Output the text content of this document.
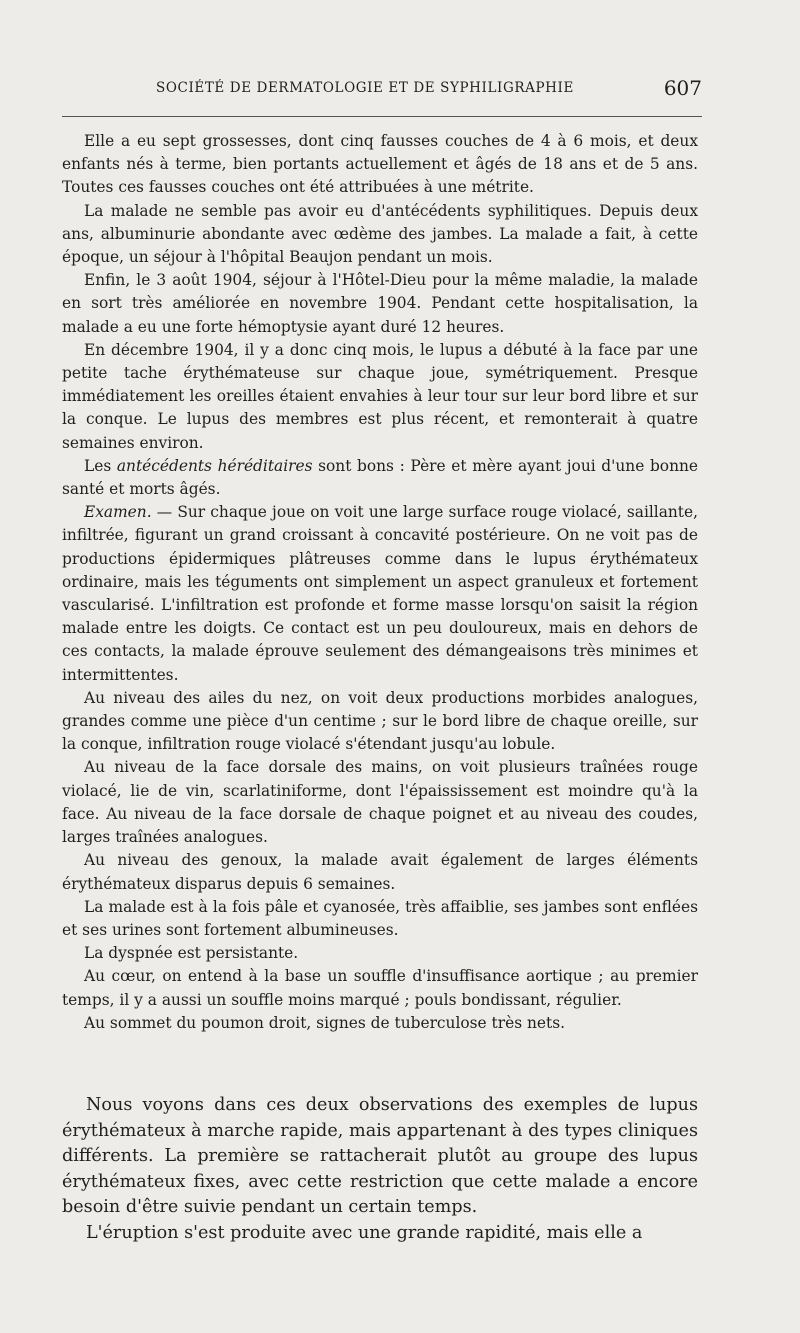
SOCIÉTÉ DE DERMATOLOGIE ET DE SYPHILIGRAPHIE	607

Elle a eu sept grossesses, dont cinq fausses couches de 4 à 6 mois, et deux enfants nés à terme, bien portants actuellement et âgés de 18 ans et de 5 ans. Toutes ces fausses couches ont été attribuées à une métrite.

La malade ne semble pas avoir eu d'antécédents syphilitiques. Depuis deux ans, albuminurie abondante avec œdème des jambes. La malade a fait, à cette époque, un séjour à l'hôpital Beaujon pendant un mois.

Enfin, le 3 août 1904, séjour à l'Hôtel-Dieu pour la même maladie, la malade en sort très améliorée en novembre 1904. Pendant cette hospitalisation, la malade a eu une forte hémoptysie ayant duré 12 heures.

En décembre 1904, il y a donc cinq mois, le lupus a débuté à la face par une petite tache érythémateuse sur chaque joue, symétriquement. Presque immédiatement les oreilles étaient envahies à leur tour sur leur bord libre et sur la conque. Le lupus des membres est plus récent, et remonterait à quatre semaines environ.

Les antécédents héréditaires sont bons : Père et mère ayant joui d'une bonne santé et morts âgés.

Examen. — Sur chaque joue on voit une large surface rouge violacé, saillante, infiltrée, figurant un grand croissant à concavité postérieure. On ne voit pas de productions épidermiques plâtreuses comme dans le lupus érythémateux ordinaire, mais les téguments ont simplement un aspect granuleux et fortement vascularisé. L'infiltration est profonde et forme masse lorsqu'on saisit la région malade entre les doigts. Ce contact est un peu douloureux, mais en dehors de ces contacts, la malade éprouve seulement des démangeaisons très minimes et intermittentes.

Au niveau des ailes du nez, on voit deux productions morbides analogues, grandes comme une pièce d'un centime ; sur le bord libre de chaque oreille, sur la conque, infiltration rouge violacé s'étendant jusqu'au lobule.

Au niveau de la face dorsale des mains, on voit plusieurs traînées rouge violacé, lie de vin, scarlatiniforme, dont l'épaississement est moindre qu'à la face. Au niveau de la face dorsale de chaque poignet et au niveau des coudes, larges traînées analogues.

Au niveau des genoux, la malade avait également de larges éléments érythémateux disparus depuis 6 semaines.

La malade est à la fois pâle et cyanosée, très affaiblie, ses jambes sont enflées et ses urines sont fortement albumineuses.

La dyspnée est persistante.

Au cœur, on entend à la base un souffle d'insuffisance aortique ; au premier temps, il y a aussi un souffle moins marqué ; pouls bondissant, régulier.

Au sommet du poumon droit, signes de tuberculose très nets.

Nous voyons dans ces deux observations des exemples de lupus érythémateux à marche rapide, mais appartenant à des types cliniques différents. La première se rattacherait plutôt au groupe des lupus érythémateux fixes, avec cette restriction que cette malade a encore besoin d'être suivie pendant un certain temps.

L'éruption s'est produite avec une grande rapidité, mais elle a
